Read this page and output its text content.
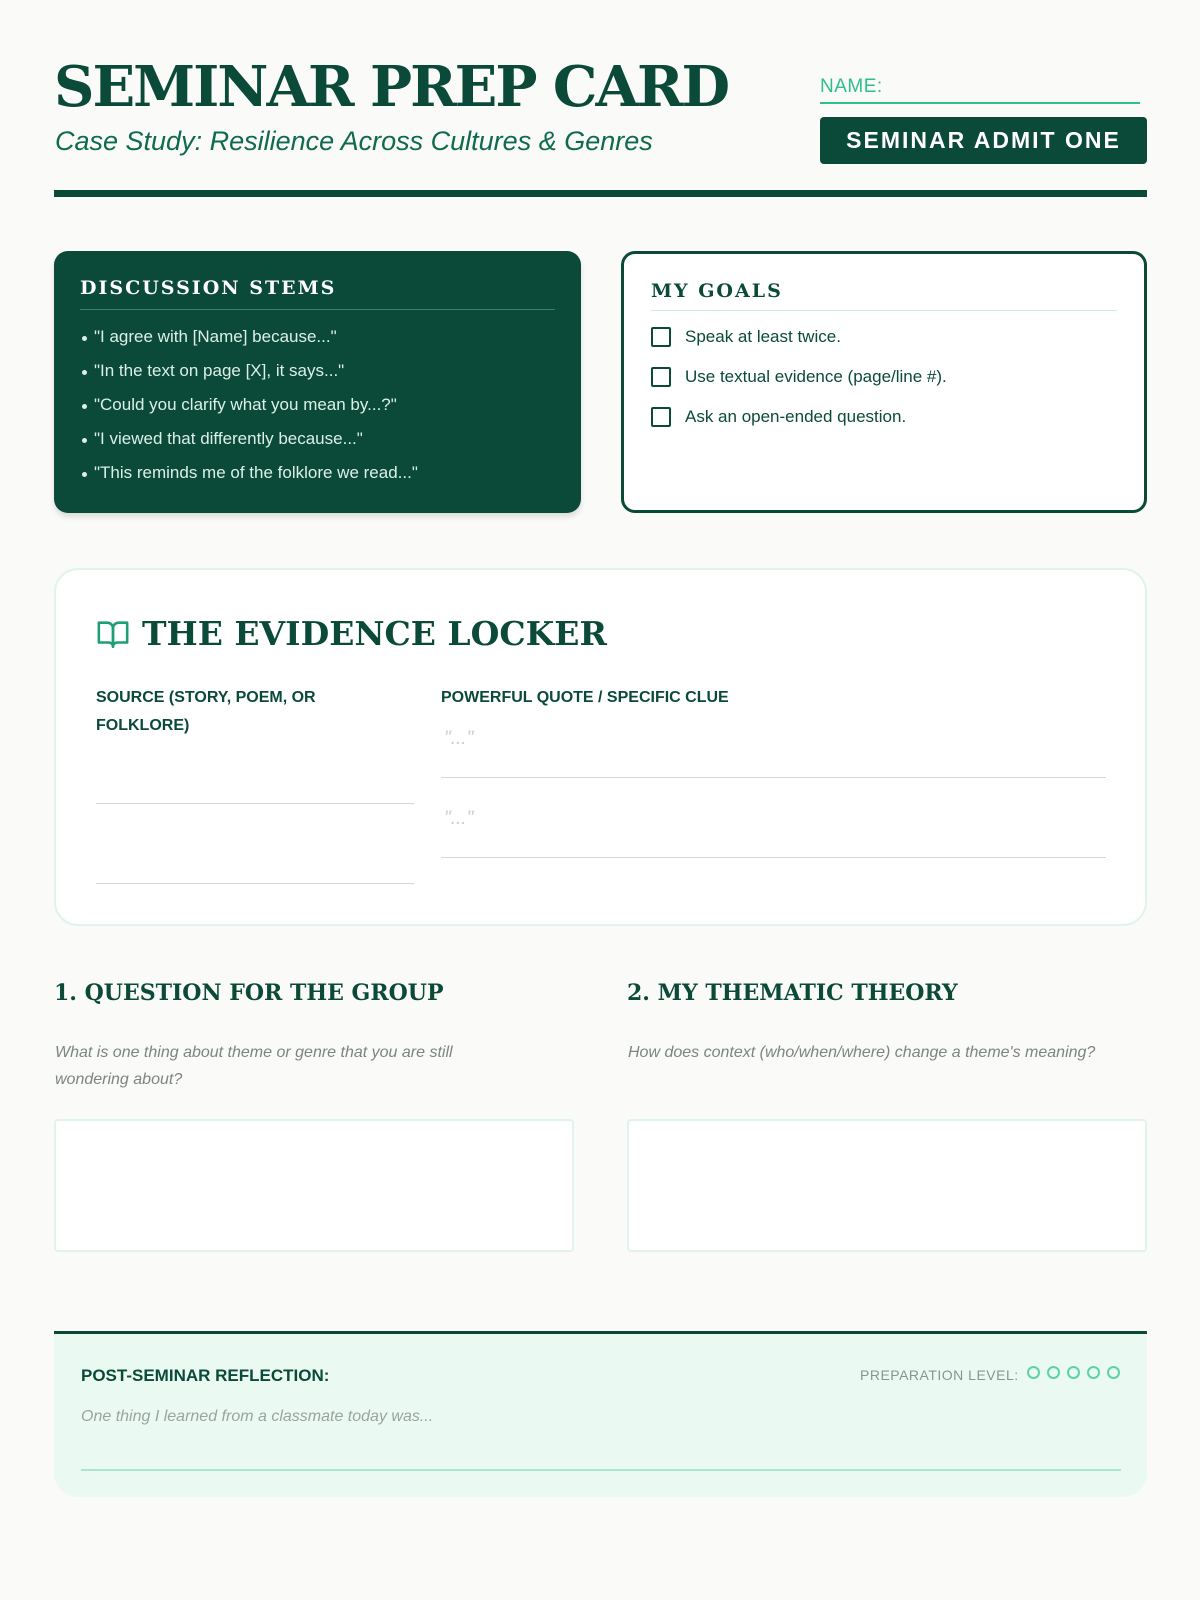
SEMINAR PREP CARD
Case Study: Resilience Across Cultures & Genres
NAME:
SEMINAR ADMIT ONE
DISCUSSION STEMS
"I agree with [Name] because..."
"In the text on page [X], it says..."
"Could you clarify what you mean by...?"
"I viewed that differently because..."
"This reminds me of the folklore we read..."
MY GOALS
Speak at least twice.
Use textual evidence (page/line #).
Ask an open-ended question.
THE EVIDENCE LOCKER
SOURCE (STORY, POEM, OR FOLKLORE)
POWERFUL QUOTE / SPECIFIC CLUE
"..."
"..."
1. QUESTION FOR THE GROUP
What is one thing about theme or genre that you are still wondering about?
2. MY THEMATIC THEORY
How does context (who/when/where) change a theme's meaning?
POST-SEMINAR REFLECTION:	PREPARATION LEVEL:
One thing I learned from a classmate today was...
